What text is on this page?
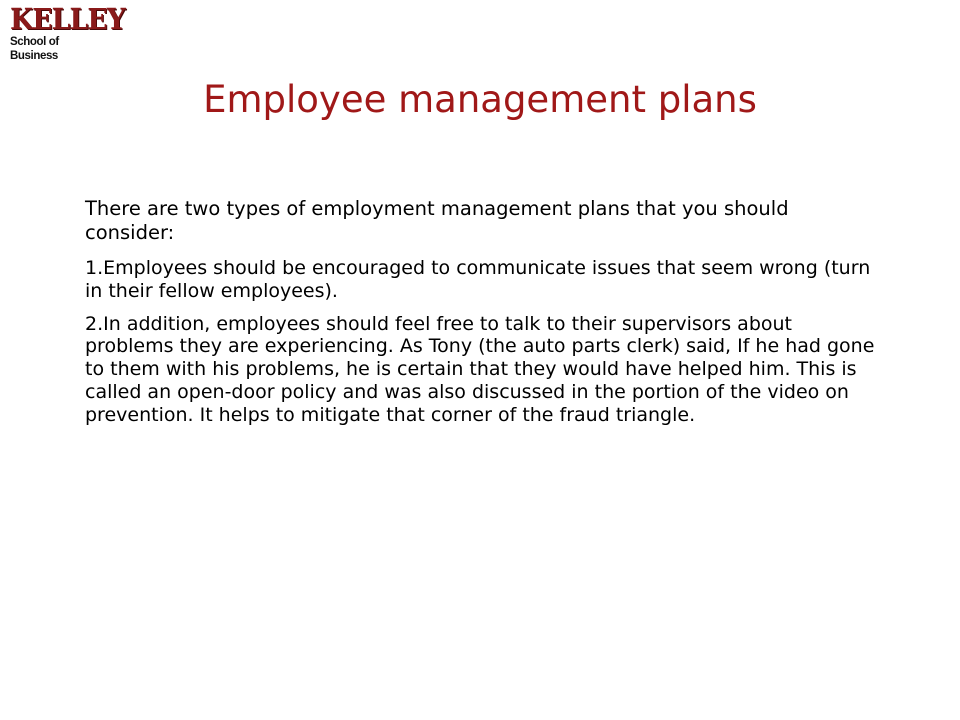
KELLEY
School of Business
Employee management plans

There are two types of employment management plans that you should consider:

1.Employees should be encouraged to communicate issues that seem wrong (turn in their fellow employees).

2.In addition, employees should feel free to talk to their supervisors about problems they are experiencing. As Tony (the auto parts clerk) said, If he had gone to them with his problems, he is certain that they would have helped him. This is called an open-door policy and was also discussed in the portion of the video on prevention. It helps to mitigate that corner of the fraud triangle.
